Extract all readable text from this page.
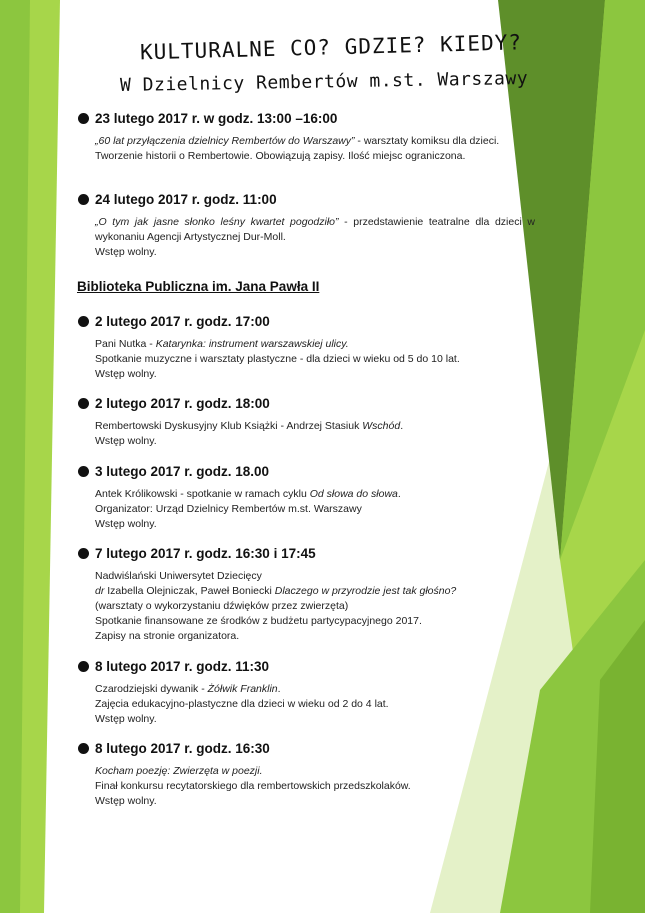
KULTURALNE CO? GDZIE? KIEDY?
W Dzielnicy Rembertów m.st. Warszawy
23 lutego 2017 r. w godz. 13:00 –16:00
„60 lat przyłączenia dzielnicy Rembertów do Warszawy” - warsztaty komiksu dla dzieci.
Tworzenie historii o Rembertowie. Obowiązują zapisy. Ilość miejsc ograniczona.
24 lutego 2017 r. godz. 11:00
„O tym jak jasne słonko leśny kwartet pogodziło” - przedstawienie teatralne dla dzieci w wykonaniu Agencji Artystycznej Dur-Moll.
Wstęp wolny.
Biblioteka Publiczna im. Jana Pawła II
2 lutego 2017 r. godz. 17:00
Pani Nutka - Katarynka: instrument warszawskiej ulicy.
Spotkanie muzyczne i warsztaty plastyczne - dla dzieci w wieku od 5 do 10 lat.
Wstęp wolny.
2 lutego 2017 r. godz. 18:00
Rembertowski Dyskusyjny Klub Książki - Andrzej Stasiuk Wschód.
Wstęp wolny.
3 lutego 2017 r. godz. 18.00
Antek Królikowski - spotkanie w ramach cyklu Od słowa do słowa.
Organizator: Urząd Dzielnicy Rembertów m.st. Warszawy
Wstęp wolny.
7 lutego 2017 r. godz. 16:30 i 17:45
Nadwiślański Uniwersytet Dziecięcy
dr Izabella Olejniczak, Paweł Boniecki Dlaczego w przyrodzie jest tak głośno?
(warsztaty o wykorzystaniu dźwięków przez zwierzęta)
Spotkanie finansowane ze środków z budżetu partycypacyjnego 2017.
Zapisy na stronie organizatora.
8 lutego 2017 r. godz. 11:30
Czarodziejski dywanik - Żółwik Franklin.
Zajęcia edukacyjno-plastyczne dla dzieci w wieku od 2 do 4 lat.
Wstęp wolny.
8 lutego 2017 r. godz. 16:30
Kocham poezję: Zwierzęta w poezji.
Finał konkursu recytatorskiego dla rembertowskich przedszkolaków.
Wstęp wolny.
